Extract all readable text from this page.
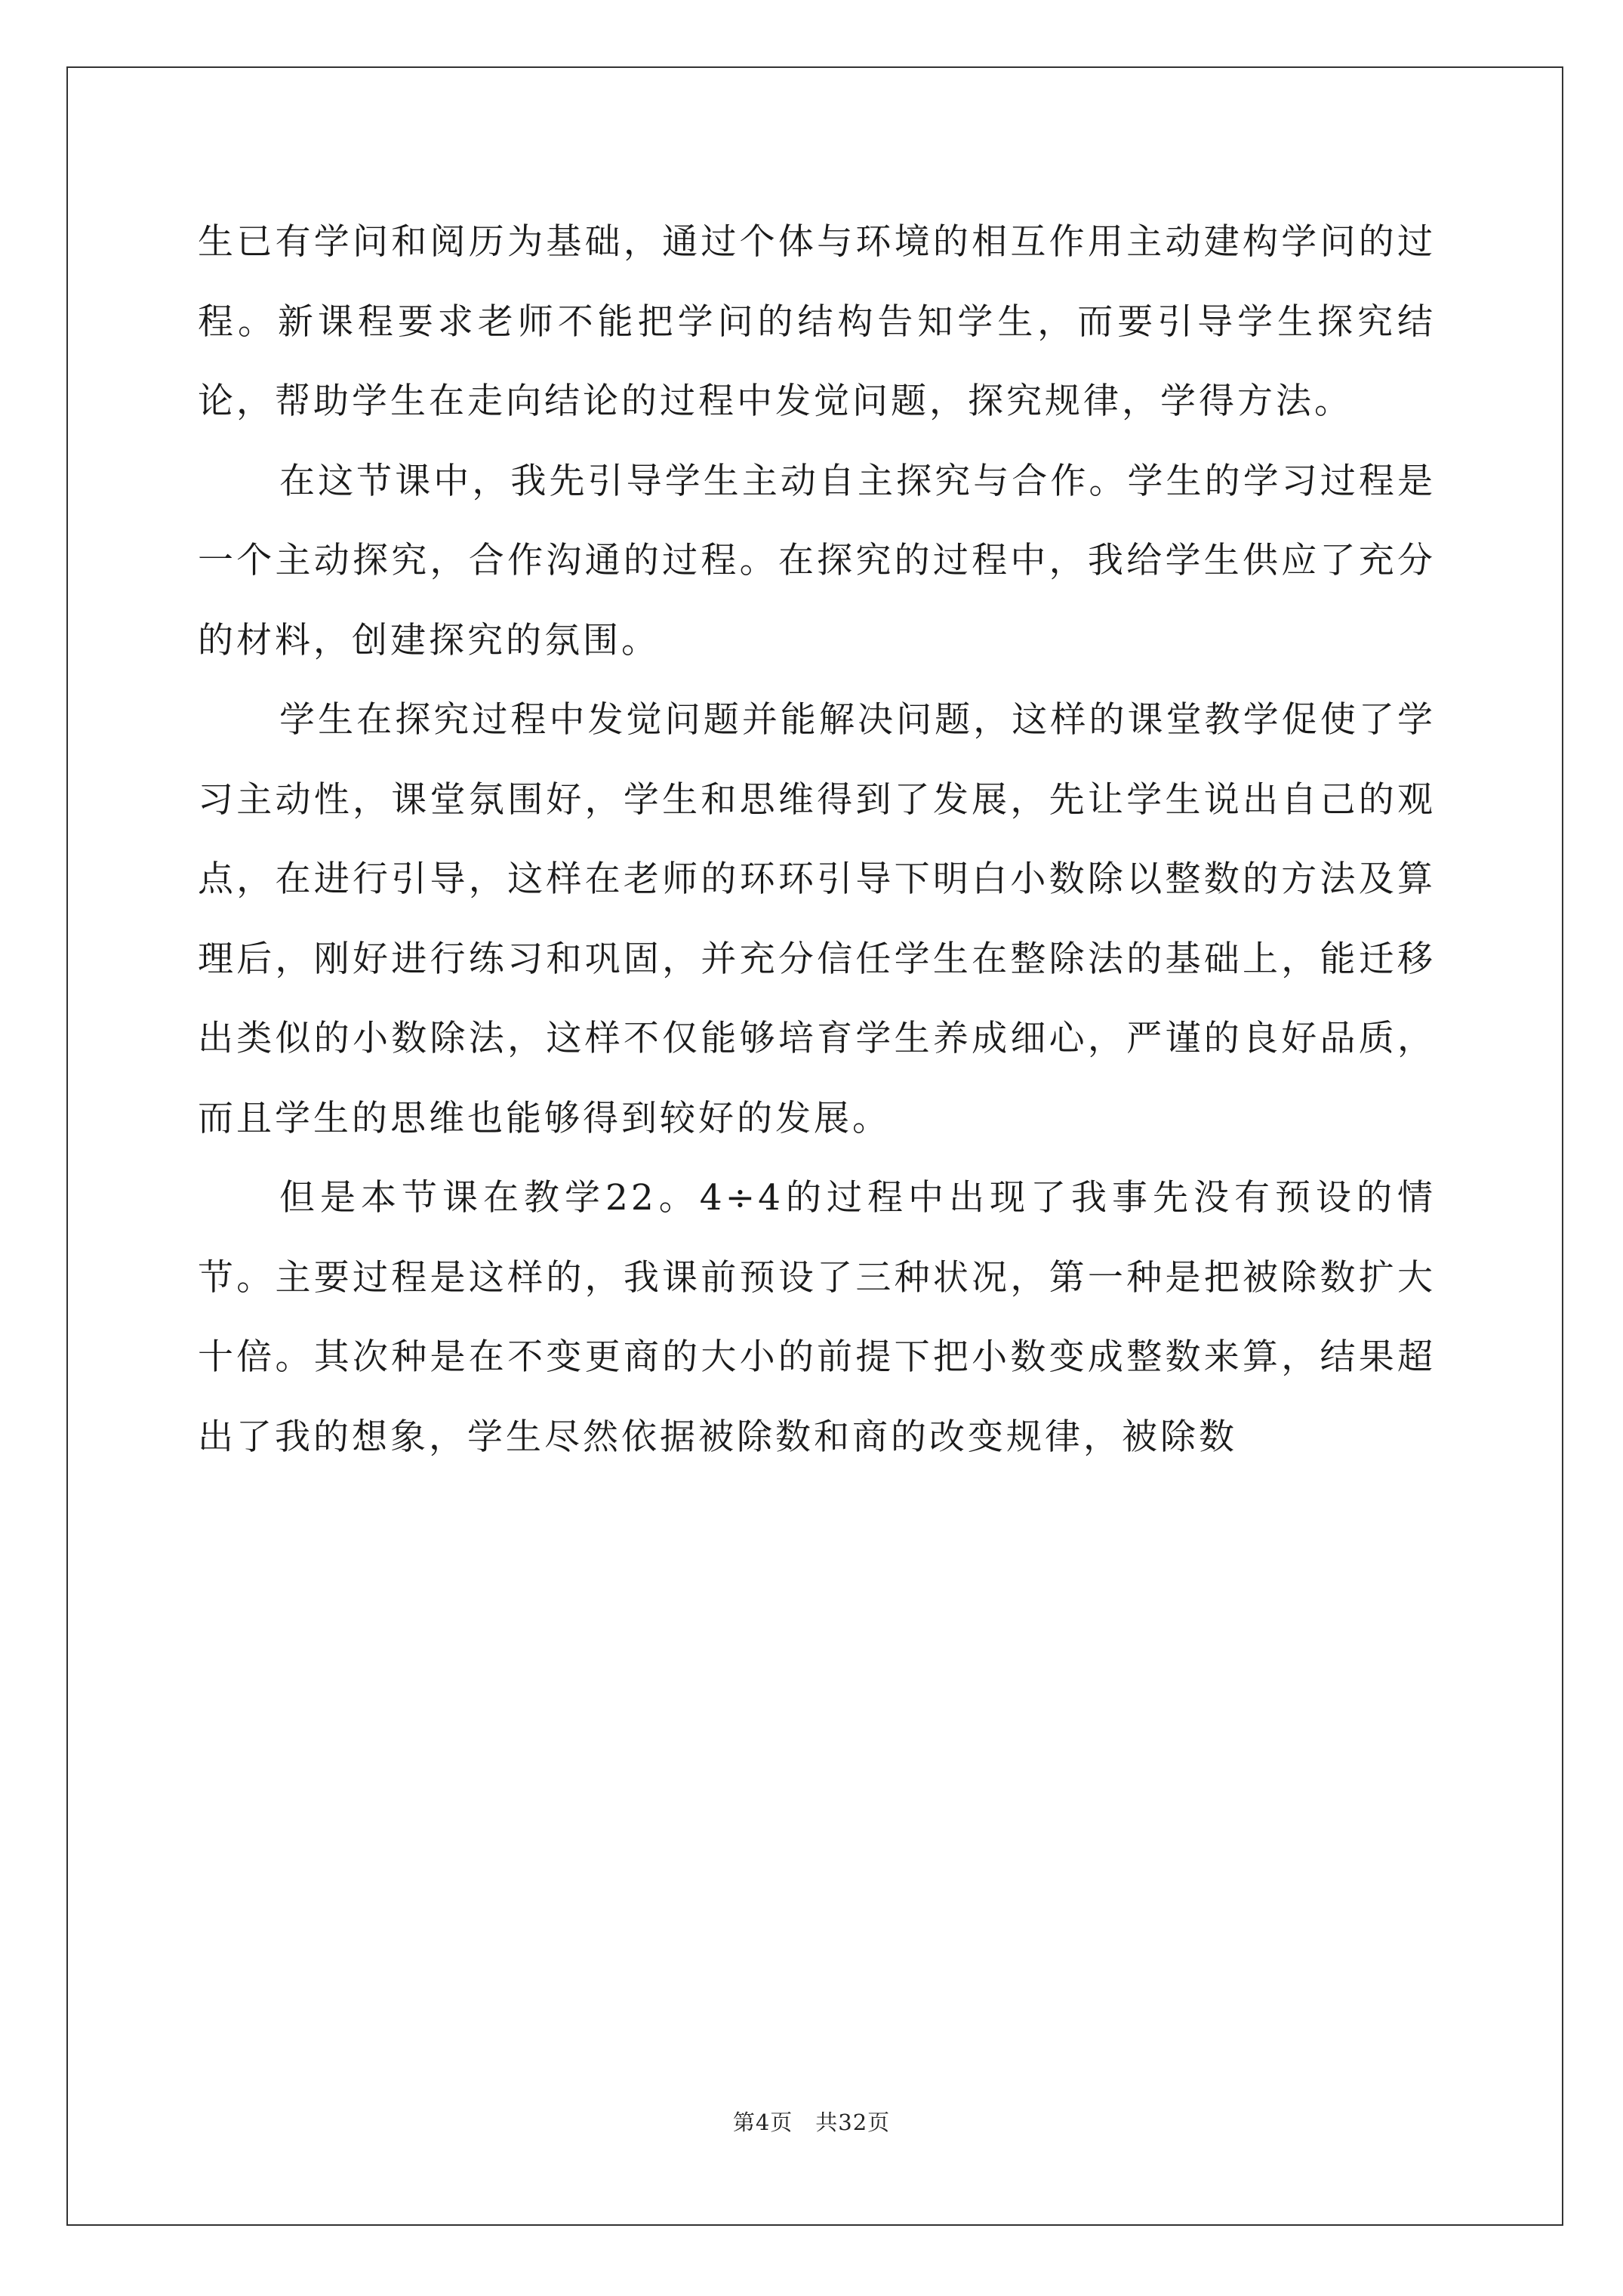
生已有学问和阅历为基础，通过个体与环境的相互作用主动建构学问的过程。新课程要求老师不能把学问的结构告知学生，而要引导学生探究结论，帮助学生在走向结论的过程中发觉问题，探究规律，学得方法。

在这节课中，我先引导学生主动自主探究与合作。学生的学习过程是一个主动探究，合作沟通的过程。在探究的过程中，我给学生供应了充分的材料，创建探究的氛围。

学生在探究过程中发觉问题并能解决问题，这样的课堂教学促使了学习主动性，课堂氛围好，学生和思维得到了发展，先让学生说出自己的观点，在进行引导，这样在老师的环环引导下明白小数除以整数的方法及算理后，刚好进行练习和巩固，并充分信任学生在整除法的基础上，能迁移出类似的小数除法，这样不仅能够培育学生养成细心，严谨的良好品质，而且学生的思维也能够得到较好的发展。

但是本节课在教学22。4÷4的过程中出现了我事先没有预设的情节。主要过程是这样的，我课前预设了三种状况，第一种是把被除数扩大十倍。其次种是在不变更商的大小的前提下把小数变成整数来算，结果超出了我的想象，学生尽然依据被除数和商的改变规律，被除数

第4页 共32页
